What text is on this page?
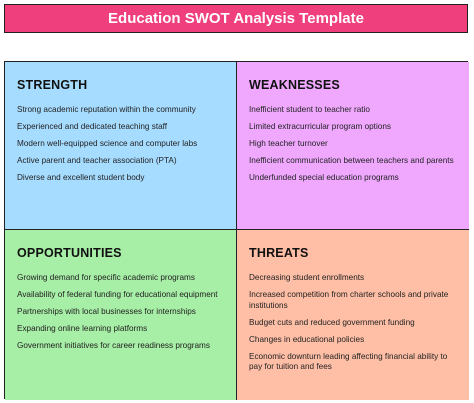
Education SWOT Analysis Template
STRENGTH
Strong academic reputation within the community
Experienced and dedicated teaching staff
Modern well-equipped science and computer labs
Active parent and teacher association (PTA)
Diverse and excellent student body
WEAKNESSES
Inefficient student to teacher ratio
Limited extracurricular program options
High teacher turnover
Inefficient communication between teachers and parents
Underfunded special education programs
OPPORTUNITIES
Growing demand for specific academic programs
Availability of federal funding for educational equipment
Partnerships with local businesses for internships
Expanding online learning platforms
Government initiatives for career readiness programs
THREATS
Decreasing student enrollments
Increased competition from charter schools and private institutions
Budget cuts and reduced government funding
Changes in educational policies
Economic downturn leading affecting financial ability to pay for tuition and fees
